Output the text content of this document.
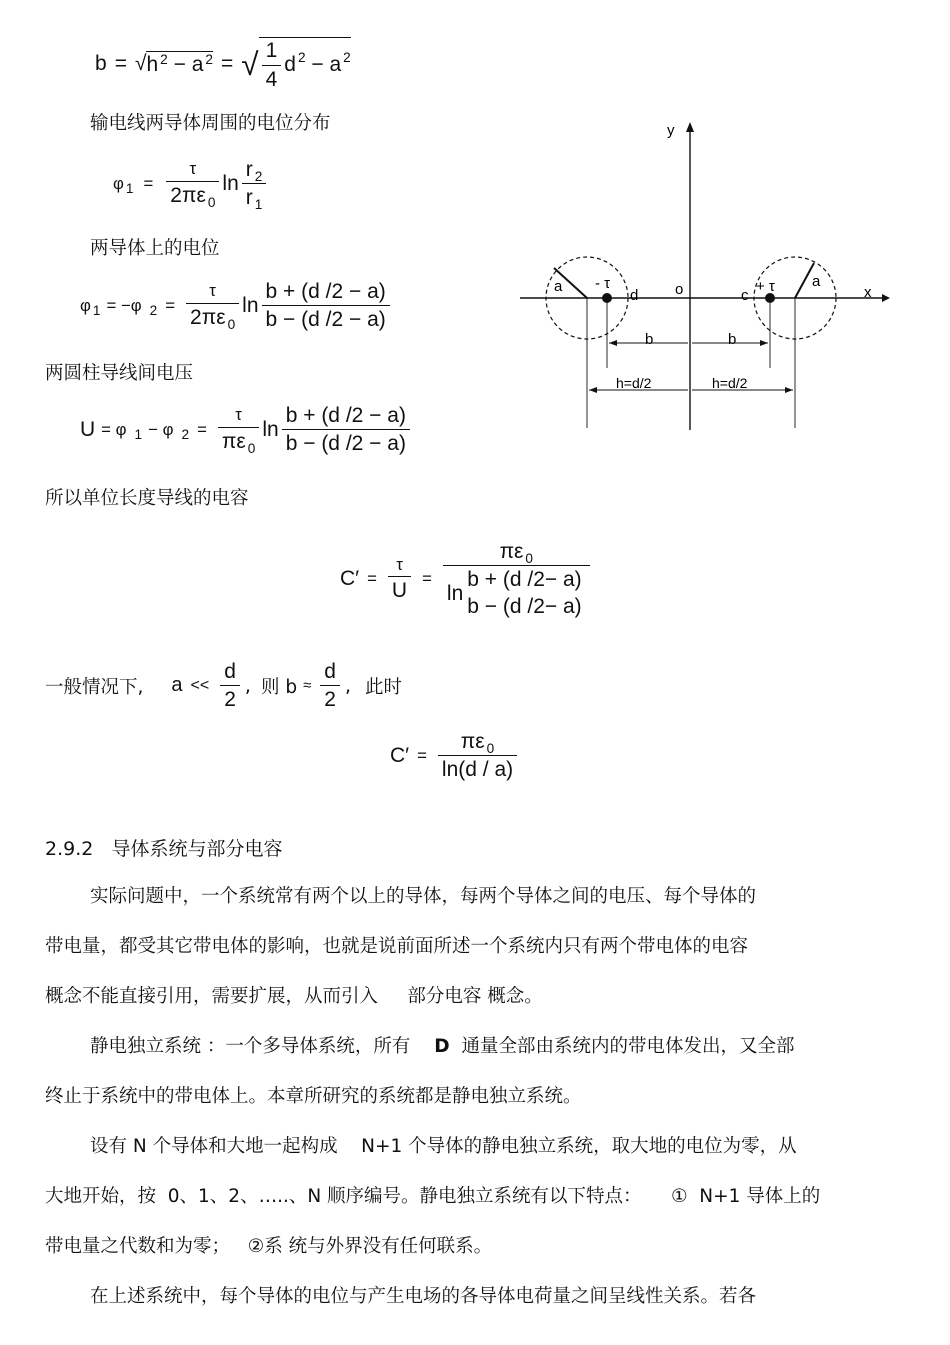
b = √ h $^2$ − a $^2$ = √ $\frac{1}{4}$ d 2
−
a 2
输电线两导体周围的电位分布
φ $1 = \frac{\tau}{2\pi\varepsilon _0}$ $\ln \frac{r _2}{r _1}$
两导体上的电位
φ 1 = −φ $2 = \frac{\tau}{2\pi\varepsilon _0}$ $\ln \frac{b + (d /2 - a)}{b - (d /2 - a)}$
两圆柱导线间电压
U = φ 1 − φ $2 = \frac{\tau}{\pi\varepsilon _0}$ $\ln \frac{b + (d /2 - a)}{b - (d /2 - a)}$
所以单位长度导线的电容
$C' = \frac{\tau}{U} = \pi\varepsilon$ $_0$
ln
b + (d /2− a)
b − (d /2− a)
一般情况下, $a << \frac{d}{2}$ , 则 $b \approx \frac{d}{2}$ , 此时
$C' = \frac{\pi\varepsilon _0}{\ln(d / a)}$
2.9.2   导体系统与部分电容
实际问题中，一个系统常有两个以上的导体，每两个导体之间的电压、每个导体的
带电量，都受其它带电体的影响，也就是说前面所述一个系统内只有两个带电体的电容
概念不能直接引用，需要扩展，从而引入     部分电容 概念。
静电独立系统 ：一个多导体系统，所有 D 通量全部由系统内的带电体发出，又全部
终止于系统中的带电体上。本章所研究的系统都是静电独立系统。
设有 N 个导体和大地一起构成    N+1 个导体的静电独立系统，取大地的电位为零，从
大地开始，按  0、1、2、…..、N 顺序编号。静电独立系统有以下特点：     ①  N+1 导体上的
带电量之代数和为零；   ②系 统与外界没有任何联系。
在上述系统中，每个导体的电位与产生电场的各导体电荷量之间呈线性关系。若各
y
x
o
a	a
- τ	+ τ
d	c
b	b
h=d/2	h=d/2
